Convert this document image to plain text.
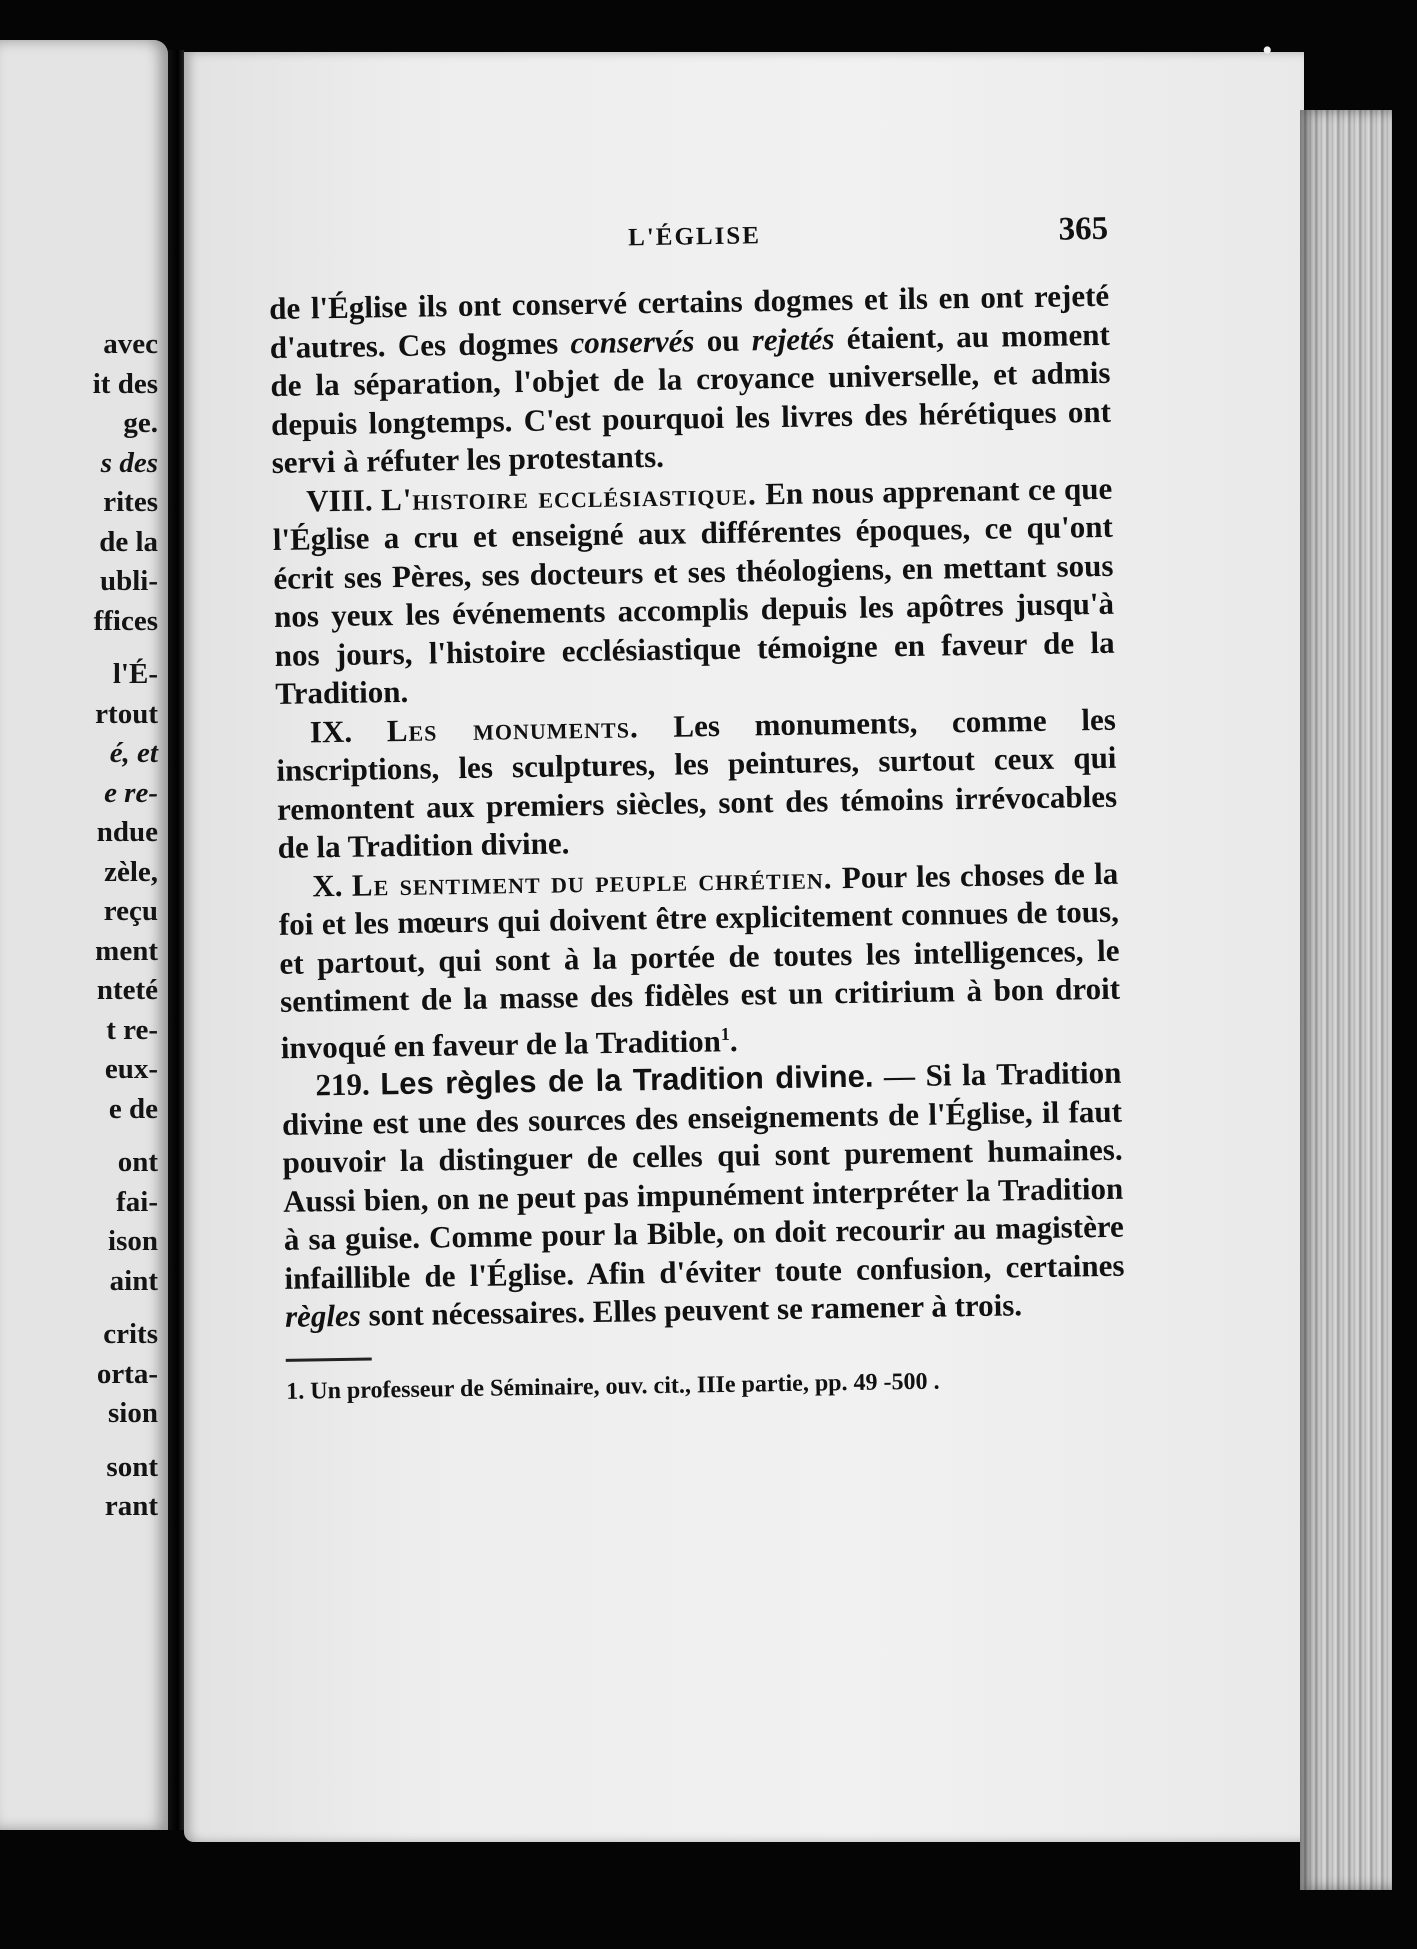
avec
it des
ge.
s des
rites
de la
ubli-
ffices
l'É-
rtout
é, et
e re-
ndue
zèle,
reçu
ment
nteté
t re-
eux-
e de
ont
fai-
ison
aint
crits
orta-
sion
sont
rant
L'ÉGLISE	365

de l'Église ils ont conservé certains dogmes et ils en ont rejeté d'autres. Ces dogmes conservés ou rejetés étaient, au moment de la séparation, l'objet de la croyance universelle, et admis depuis longtemps. C'est pourquoi les livres des hérétiques ont servi à réfuter les protestants.

VIII. L'histoire ecclésiastique. En nous apprenant ce que l'Église a cru et enseigné aux différentes époques, ce qu'ont écrit ses Pères, ses docteurs et ses théologiens, en mettant sous nos yeux les événements accomplis depuis les apôtres jusqu'à nos jours, l'histoire ecclésiastique témoigne en faveur de la Tradition.

IX. Les monuments. Les monuments, comme les inscriptions, les sculptures, les peintures, surtout ceux qui remontent aux premiers siècles, sont des témoins irrévocables de la Tradition divine.

X. Le sentiment du peuple chrétien. Pour les choses de la foi et les mœurs qui doivent être explicitement connues de tous, et partout, qui sont à la portée de toutes les intelligences, le sentiment de la masse des fidèles est un critirium à bon droit invoqué en faveur de la Tradition$^1$.

219. Les règles de la Tradition divine. — Si la Tradition divine est une des sources des enseignements de l'Église, il faut pouvoir la distinguer de celles qui sont purement humaines. Aussi bien, on ne peut pas impunément interpréter la Tradition à sa guise. Comme pour la Bible, on doit recourir au magistère infaillible de l'Église. Afin d'éviter toute confusion, certaines règles sont nécessaires. Elles peuvent se ramener à trois.

1. Un professeur de Séminaire, ouv. cit., IIIe partie, pp. 49 -500 .
•
